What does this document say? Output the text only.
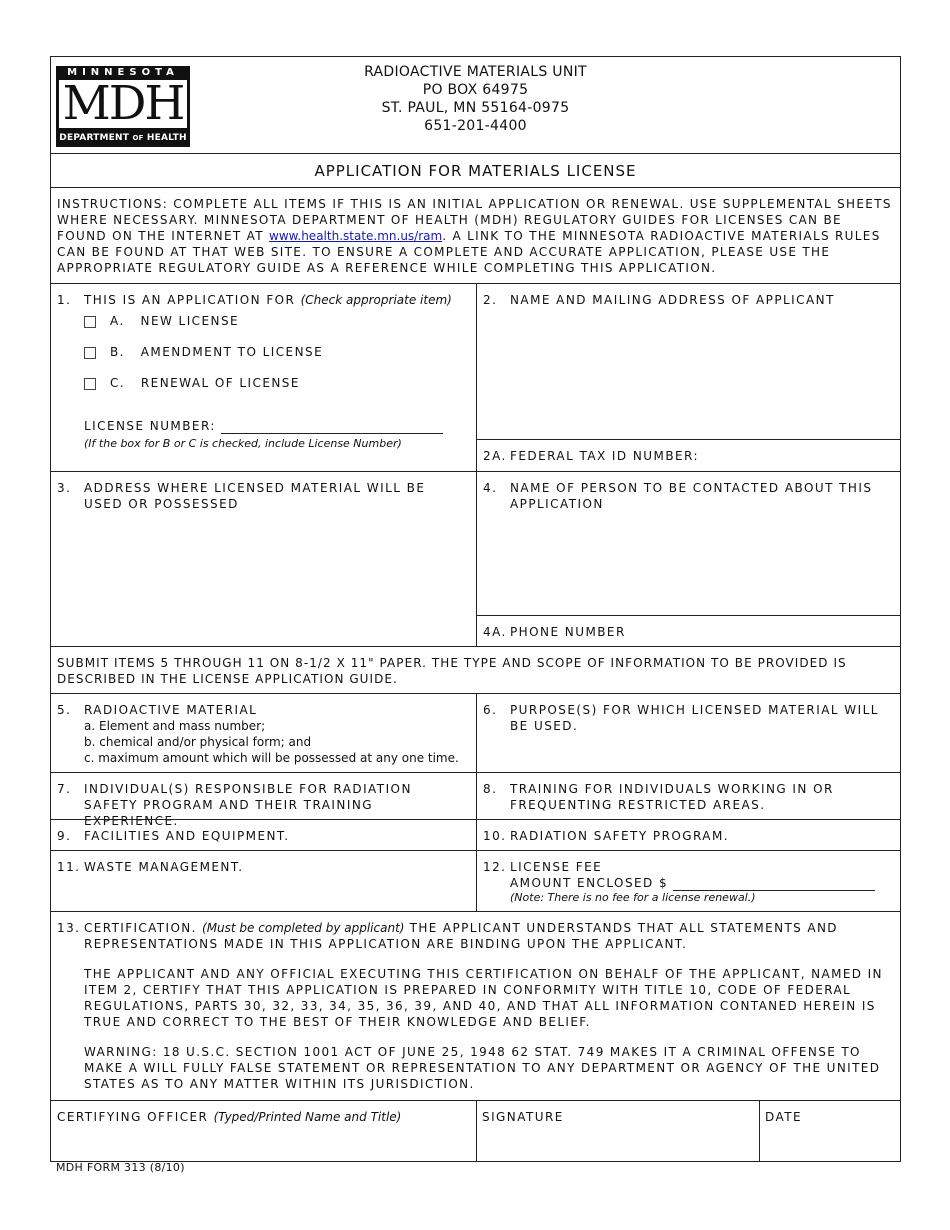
MINNESOTA
MDH
DEPARTMENT OF HEALTH
RADIOACTIVE MATERIALS UNIT
PO BOX 64975
ST. PAUL, MN 55164-0975
651-201-4400
APPLICATION FOR MATERIALS LICENSE
INSTRUCTIONS: COMPLETE ALL ITEMS IF THIS IS AN INITIAL APPLICATION OR RENEWAL. USE SUPPLEMENTAL SHEETS WHERE NECESSARY. MINNESOTA DEPARTMENT OF HEALTH (MDH) REGULATORY GUIDES FOR LICENSES CAN BE FOUND ON THE INTERNET AT www.health.state.mn.us/ram. A LINK TO THE MINNESOTA RADIOACTIVE MATERIALS RULES CAN BE FOUND AT THAT WEB SITE. TO ENSURE A COMPLETE AND ACCURATE APPLICATION, PLEASE USE THE APPROPRIATE REGULATORY GUIDE AS A REFERENCE WHILE COMPLETING THIS APPLICATION.
1. THIS IS AN APPLICATION FOR (Check appropriate item)
A. NEW LICENSE
B. AMENDMENT TO LICENSE
C. RENEWAL OF LICENSE
LICENSE NUMBER:
(If the box for B or C is checked, include License Number)
2. NAME AND MAILING ADDRESS OF APPLICANT
2A. FEDERAL TAX ID NUMBER:
3. ADDRESS WHERE LICENSED MATERIAL WILL BE USED OR POSSESSED
4. NAME OF PERSON TO BE CONTACTED ABOUT THIS APPLICATION
4A. PHONE NUMBER
SUBMIT ITEMS 5 THROUGH 11 ON 8-1/2 X 11" PAPER. THE TYPE AND SCOPE OF INFORMATION TO BE PROVIDED IS DESCRIBED IN THE LICENSE APPLICATION GUIDE.
5. RADIOACTIVE MATERIAL
a. Element and mass number;
b. chemical and/or physical form; and
c. maximum amount which will be possessed at any one time.
6. PURPOSE(S) FOR WHICH LICENSED MATERIAL WILL BE USED.
7. INDIVIDUAL(S) RESPONSIBLE FOR RADIATION SAFETY PROGRAM AND THEIR TRAINING EXPERIENCE.
8. TRAINING FOR INDIVIDUALS WORKING IN OR FREQUENTING RESTRICTED AREAS.
9. FACILITIES AND EQUIPMENT.	10. RADIATION SAFETY PROGRAM.
11. WASTE MANAGEMENT.	12. LICENSE FEE
AMOUNT ENCLOSED $
(Note: There is no fee for a license renewal.)
13. CERTIFICATION. (Must be completed by applicant) THE APPLICANT UNDERSTANDS THAT ALL STATEMENTS AND REPRESENTATIONS MADE IN THIS APPLICATION ARE BINDING UPON THE APPLICANT.
THE APPLICANT AND ANY OFFICIAL EXECUTING THIS CERTIFICATION ON BEHALF OF THE APPLICANT, NAMED IN ITEM 2, CERTIFY THAT THIS APPLICATION IS PREPARED IN CONFORMITY WITH TITLE 10, CODE OF FEDERAL REGULATIONS, PARTS 30, 32, 33, 34, 35, 36, 39, AND 40, AND THAT ALL INFORMATION CONTANED HEREIN IS TRUE AND CORRECT TO THE BEST OF THEIR KNOWLEDGE AND BELIEF.
WARNING: 18 U.S.C. SECTION 1001 ACT OF JUNE 25, 1948 62 STAT. 749 MAKES IT A CRIMINAL OFFENSE TO MAKE A WILL FULLY FALSE STATEMENT OR REPRESENTATION TO ANY DEPARTMENT OR AGENCY OF THE UNITED STATES AS TO ANY MATTER WITHIN ITS JURISDICTION.
CERTIFYING OFFICER (Typed/Printed Name and Title)	SIGNATURE	DATE
MDH FORM 313 (8/10)
